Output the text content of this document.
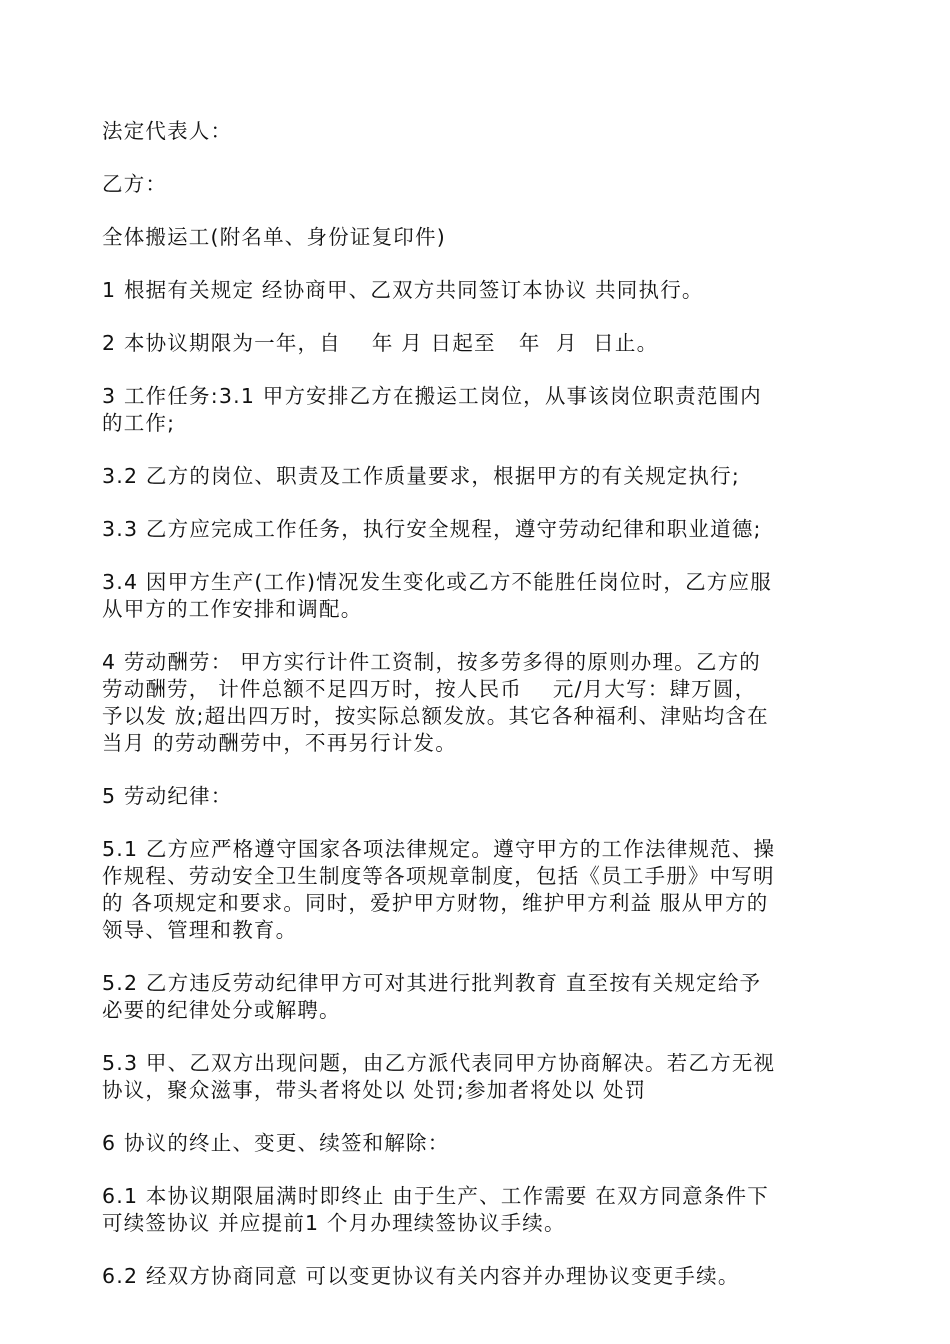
法定代表人：
乙方：
全体搬运工(附名单、身份证复印件)
1 根据有关规定 经协商甲、乙双方共同签订本协议 共同执行。
2 本协议期限为一年，自    年 月 日起至   年  月  日止。
3 工作任务:3.1 甲方安排乙方在搬运工岗位，从事该岗位职责范围内
的工作;
3.2 乙方的岗位、职责及工作质量要求，根据甲方的有关规定执行;
3.3 乙方应完成工作任务，执行安全规程，遵守劳动纪律和职业道德;
3.4 因甲方生产(工作)情况发生变化或乙方不能胜任岗位时，乙方应服
从甲方的工作安排和调配。
4 劳动酬劳： 甲方实行计件工资制，按多劳多得的原则办理。乙方的
劳动酬劳， 计件总额不足四万时，按人民币    元/月大写：肆万圆，
予以发 放;超出四万时，按实际总额发放。其它各种福利、津贴均含在
当月 的劳动酬劳中，不再另行计发。
5 劳动纪律：
5.1 乙方应严格遵守国家各项法律规定。遵守甲方的工作法律规范、操
作规程、劳动安全卫生制度等各项规章制度，包括《员工手册》中写明
的 各项规定和要求。同时，爱护甲方财物，维护甲方利益 服从甲方的
领导、管理和教育。
5.2 乙方违反劳动纪律甲方可对其进行批判教育 直至按有关规定给予
必要的纪律处分或解聘。
5.3 甲、乙双方出现问题，由乙方派代表同甲方协商解决。若乙方无视
协议，聚众滋事，带头者将处以 处罚;参加者将处以 处罚
6 协议的终止、变更、续签和解除：
6.1 本协议期限届满时即终止 由于生产、工作需要 在双方同意条件下
可续签协议 并应提前1 个月办理续签协议手续。
6.2 经双方协商同意 可以变更协议有关内容并办理协议变更手续。
